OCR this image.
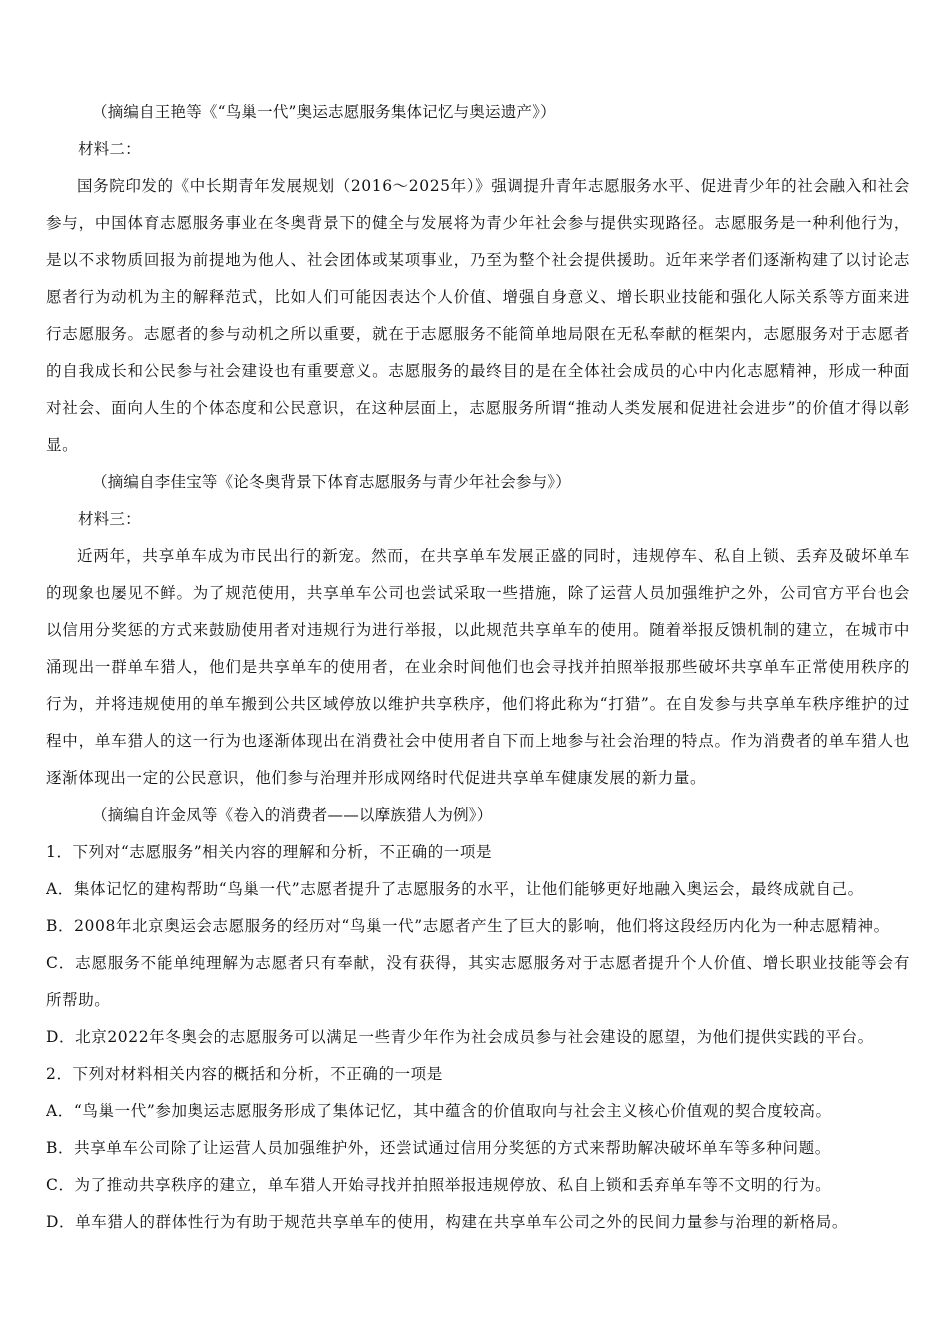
（摘编自王艳等《“鸟巢一代”奥运志愿服务集体记忆与奥运遗产》）

材料二：

国务院印发的《中长期青年发展规划（2016～2025年）》强调提升青年志愿服务水平、促进青少年的社会融入和社会参与，中国体育志愿服务事业在冬奥背景下的健全与发展将为青少年社会参与提供实现路径。志愿服务是一种利他行为，是以不求物质回报为前提地为他人、社会团体或某项事业，乃至为整个社会提供援助。近年来学者们逐渐构建了以讨论志愿者行为动机为主的解释范式，比如人们可能因表达个人价值、增强自身意义、增长职业技能和强化人际关系等方面来进行志愿服务。志愿者的参与动机之所以重要，就在于志愿服务不能简单地局限在无私奉献的框架内，志愿服务对于志愿者的自我成长和公民参与社会建设也有重要意义。志愿服务的最终目的是在全体社会成员的心中内化志愿精神，形成一种面对社会、面向人生的个体态度和公民意识，在这种层面上，志愿服务所谓“推动人类发展和促进社会进步”的价值才得以彰显。

（摘编自李佳宝等《论冬奥背景下体育志愿服务与青少年社会参与》）

材料三：

近两年，共享单车成为市民出行的新宠。然而，在共享单车发展正盛的同时，违规停车、私自上锁、丢弃及破坏单车的现象也屡见不鲜。为了规范使用，共享单车公司也尝试采取一些措施，除了运营人员加强维护之外，公司官方平台也会以信用分奖惩的方式来鼓励使用者对违规行为进行举报，以此规范共享单车的使用。随着举报反馈机制的建立，在城市中涌现出一群单车猎人，他们是共享单车的使用者，在业余时间他们也会寻找并拍照举报那些破坏共享单车正常使用秩序的行为，并将违规使用的单车搬到公共区域停放以维护共享秩序，他们将此称为“打猎”。在自发参与共享单车秩序维护的过程中，单车猎人的这一行为也逐渐体现出在消费社会中使用者自下而上地参与社会治理的特点。作为消费者的单车猎人也逐渐体现出一定的公民意识，他们参与治理并形成网络时代促进共享单车健康发展的新力量。

（摘编自许金凤等《卷入的消费者——以摩族猎人为例》）

1．下列对“志愿服务”相关内容的理解和分析，不正确的一项是

A．集体记忆的建构帮助“鸟巢一代”志愿者提升了志愿服务的水平，让他们能够更好地融入奥运会，最终成就自己。

B．2008年北京奥运会志愿服务的经历对“鸟巢一代”志愿者产生了巨大的影响，他们将这段经历内化为一种志愿精神。

C．志愿服务不能单纯理解为志愿者只有奉献，没有获得，其实志愿服务对于志愿者提升个人价值、增长职业技能等会有所帮助。

D．北京2022年冬奥会的志愿服务可以满足一些青少年作为社会成员参与社会建设的愿望，为他们提供实践的平台。

2．下列对材料相关内容的概括和分析，不正确的一项是

A．“鸟巢一代”参加奥运志愿服务形成了集体记忆，其中蕴含的价值取向与社会主义核心价值观的契合度较高。

B．共享单车公司除了让运营人员加强维护外，还尝试通过信用分奖惩的方式来帮助解决破坏单车等多种问题。

C．为了推动共享秩序的建立，单车猎人开始寻找并拍照举报违规停放、私自上锁和丢弃单车等不文明的行为。

D．单车猎人的群体性行为有助于规范共享单车的使用，构建在共享单车公司之外的民间力量参与治理的新格局。
